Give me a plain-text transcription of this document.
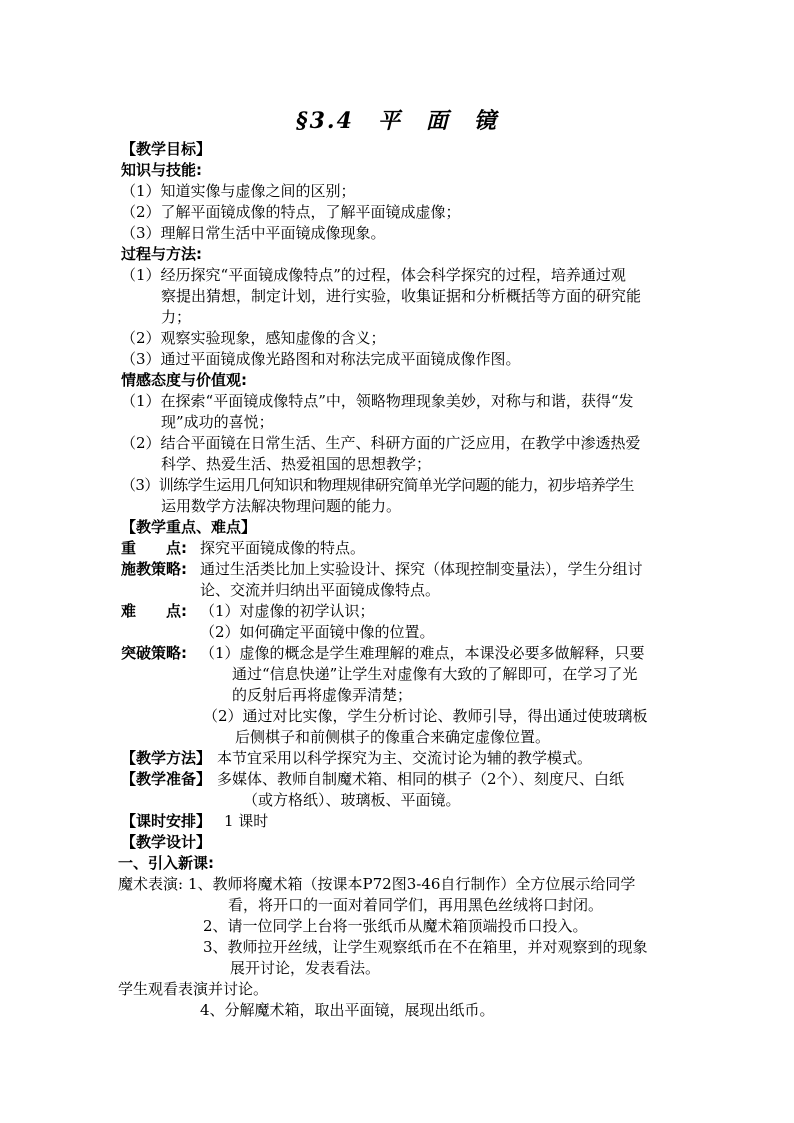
§3.4　平　面　镜
【教学目标】
知识与技能:
（1）知道实像与虚像之间的区别；
（2）了解平面镜成像的特点，了解平面镜成虚像；
（3）理解日常生活中平面镜成像现象。
过程与方法:
（1）经历探究“平面镜成像特点”的过程，体会科学探究的过程，培养通过观
察提出猜想，制定计划，进行实验，收集证据和分析概括等方面的研究能
力；
（2）观察实验现象，感知虚像的含义；
（3）通过平面镜成像光路图和对称法完成平面镜成像作图。
情感态度与价值观:
（1）在探索“平面镜成像特点”中，领略物理现象美妙，对称与和谐，获得“发
现”成功的喜悦；
（2）结合平面镜在日常生活、生产、科研方面的广泛应用，在教学中渗透热爱
科学、热爱生活、热爱祖国的思想教学；
（3）训练学生运用几何知识和物理规律研究简单光学问题的能力，初步培养学生
运用数学方法解决物理问题的能力。
【教学重点、难点】
重　　点: 探究平面镜成像的特点。
施教策略: 通过生活类比加上实验设计、探究（体现控制变量法），学生分组讨
论、交流并归纳出平面镜成像特点。
难　　点: （1）对虚像的初学认识；
（2）如何确定平面镜中像的位置。
突破策略: （1）虚像的概念是学生难理解的难点，本课没必要多做解释，只要
通过“信息快递”让学生对虚像有大致的了解即可，在学习了光
的反射后再将虚像弄清楚；
（2）通过对比实像，学生分析讨论、教师引导，得出通过使玻璃板
后侧棋子和前侧棋子的像重合来确定虚像位置。
【教学方法】 本节宜采用以科学探究为主、交流讨论为辅的教学模式。
【教学准备】 多媒体、教师自制魔术箱、相同的棋子（2个）、刻度尺、白纸
（或方格纸）、玻璃板、平面镜。
【课时安排】 1 课时
【教学设计】
一、引入新课:
魔术表演: 1、教师将魔术箱（按课本P72图3-46自行制作）全方位展示给同学
看，将开口的一面对着同学们，再用黑色丝绒将口封闭。
2、请一位同学上台将一张纸币从魔术箱顶端投币口投入。
3、教师拉开丝绒，让学生观察纸币在不在箱里，并对观察到的现象
展开讨论，发表看法。
学生观看表演并讨论。
4、分解魔术箱，取出平面镜，展现出纸币。
